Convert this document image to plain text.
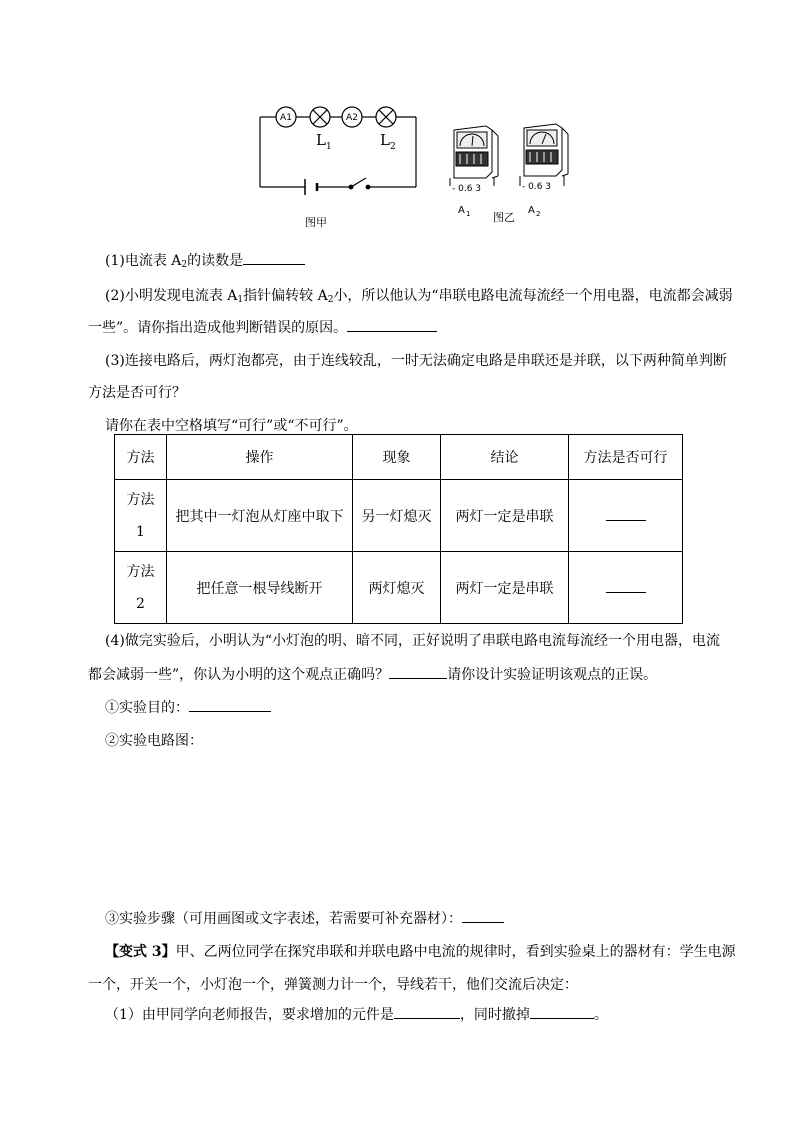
A1	A2
L 1	L 2
图甲
- 0.6 3	- 0.6 3
A 1	A 2
图乙
(1)电流表 $A_2$的读数是
(2)小明发现电流表 $A_1$指针偏转较 $A_2$小，所以他认为“串联电路电流每流经一个用电器，电流都会减弱
一些”。请你指出造成他判断错误的原因。
(3)连接电路后，两灯泡都亮，由于连线较乱，一时无法确定电路是串联还是并联，以下两种简单判断
方法是否可行？
请你在表中空格填写“可行”或“不可行”。
方法	操作	现象	结论	方法是否可行
方法
1	把其中一灯泡从灯座中取下	另一灯熄灭	两灯一定是串联	
方法
2	把任意一根导线断开	两灯熄灭	两灯一定是串联	
(4)做完实验后，小明认为“小灯泡的明、暗不同，正好说明了串联电路电流每流经一个用电器，电流
都会减弱一些”，你认为小明的这个观点正确吗？	请你设计实验证明该观点的正误。
①实验目的：
②实验电路图：
③实验步骤（可用画图或文字表述，若需要可补充器材）：
【变式 3】甲、乙两位同学在探究串联和并联电路中电流的规律时，看到实验桌上的器材有：学生电源
一个，开关一个，小灯泡一个，弹簧测力计一个，导线若干，他们交流后决定：
（1）由甲同学向老师报告，要求增加的元件是	，同时撤掉	。
